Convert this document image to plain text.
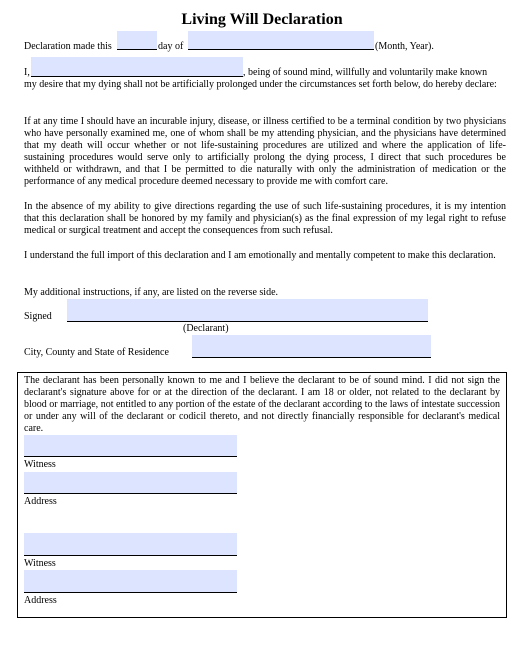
Living Will Declaration
Declaration made this	day of	(Month, Year).
I,	, being of sound mind, willfully and voluntarily make known
my desire that my dying shall not be artificially prolonged under the circumstances set forth below, do hereby declare:
If at any time I should have an incurable injury, disease, or illness certified to be a terminal condition by two physicians who have personally examined me, one of whom shall be my attending physician, and the physicians have determined that my death will occur whether or not life-sustaining procedures are utilized and where the application of life-sustaining procedures would serve only to artificially prolong the dying process, I direct that such procedures be withheld or withdrawn, and that I be permitted to die naturally with only the administration of medication or the performance of any medical procedure deemed necessary to provide me with comfort care.
In the absence of my ability to give directions regarding the use of such life-sustaining procedures, it is my intention that this declaration shall be honored by my family and physician(s) as the final expression of my legal right to refuse medical or surgical treatment and accept the consequences from such refusal.
I understand the full import of this declaration and I am emotionally and mentally competent to make this declaration.
My additional instructions, if any, are listed on the reverse side.
Signed
(Declarant)
City, County and State of Residence
The declarant has been personally known to me and I believe the declarant to be of sound mind. I did not sign the declarant's signature above for or at the direction of the declarant. I am 18 or older, not related to the declarant by blood or marriage, not entitled to any portion of the estate of the declarant according to the laws of intestate succession or under any will of the declarant or codicil thereto, and not directly financially responsible for declarant's medical care.
Witness
Address
Witness
Address
